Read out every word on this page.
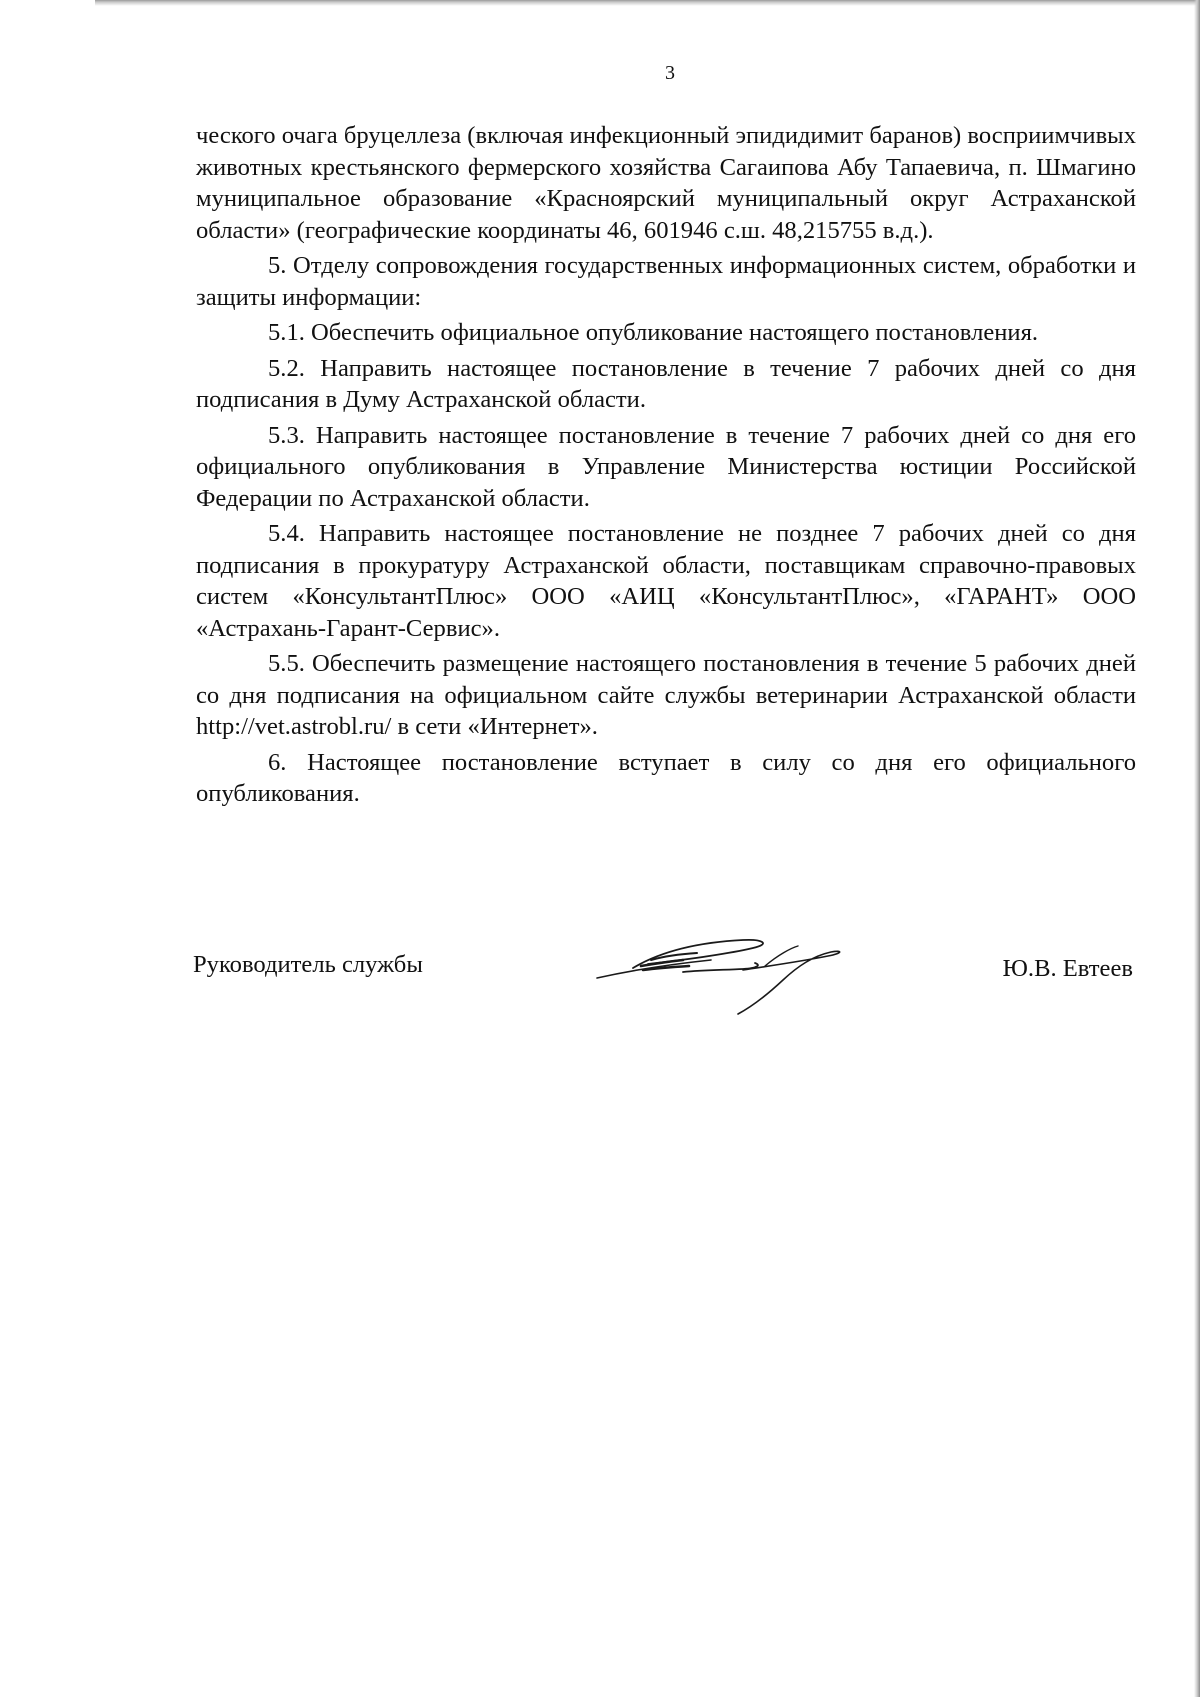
3

ческого очага бруцеллеза (включая инфекционный эпидидимит баранов) восприимчивых животных крестьянского фермерского хозяйства Сагаипова Абу Тапаевича, п. Шмагино муниципальное образование «Красноярский муниципальный округ Астраханской области» (географические координаты 46, 601946 с.ш. 48,215755 в.д.).

5. Отделу сопровождения государственных информационных систем, обработки и защиты информации:

5.1. Обеспечить официальное опубликование настоящего постановления.

5.2. Направить настоящее постановление в течение 7 рабочих дней со дня подписания в Думу Астраханской области.

5.3. Направить настоящее постановление в течение 7 рабочих дней со дня его официального опубликования в Управление Министерства юстиции Российской Федерации по Астраханской области.

5.4. Направить настоящее постановление не позднее 7 рабочих дней со дня подписания в прокуратуру Астраханской области, поставщикам справочно-правовых систем «КонсультантПлюс» ООО «АИЦ «КонсультантПлюс», «ГАРАНТ» ООО «Астрахань-Гарант-Сервис».

5.5. Обеспечить размещение настоящего постановления в течение 5 рабочих дней со дня подписания на официальном сайте службы ветеринарии Астраханской области http://vet.astrobl.ru/ в сети «Интернет».

6. Настоящее постановление вступает в силу со дня его официального опубликования.

Руководитель службы	Ю.В. Евтеев
